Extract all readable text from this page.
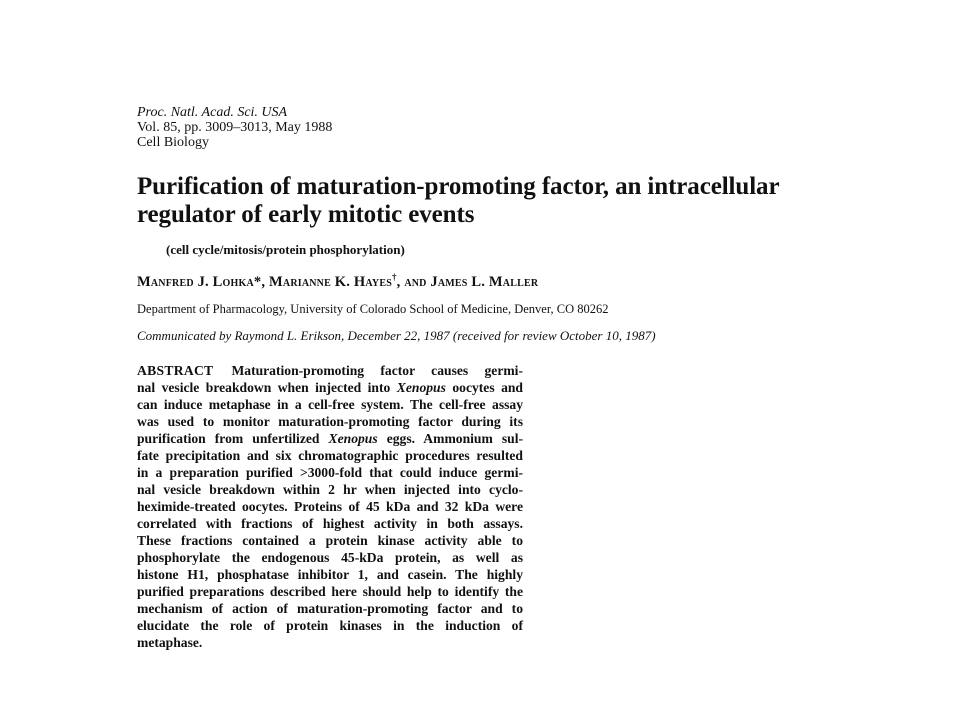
Proc. Natl. Acad. Sci. USA
Vol. 85, pp. 3009–3013, May 1988
Cell Biology
Purification of maturation-promoting factor, an intracellular
regulator of early mitotic events
(cell cycle/mitosis/protein phosphorylation)
Manfred J. Lohka*, Marianne K. Hayes†, and James L. Maller
Department of Pharmacology, University of Colorado School of Medicine, Denver, CO 80262
Communicated by Raymond L. Erikson, December 22, 1987 (received for review October 10, 1987)
ABSTRACT Maturation-promoting factor causes germi-
nal vesicle breakdown when injected into Xenopus oocytes and
can induce metaphase in a cell-free system. The cell-free assay
was used to monitor maturation-promoting factor during its
purification from unfertilized Xenopus eggs. Ammonium sul-
fate precipitation and six chromatographic procedures resulted
in a preparation purified >3000-fold that could induce germi-
nal vesicle breakdown within 2 hr when injected into cyclo-
heximide-treated oocytes. Proteins of 45 kDa and 32 kDa were
correlated with fractions of highest activity in both assays.
These fractions contained a protein kinase activity able to
phosphorylate the endogenous 45-kDa protein, as well as
histone H1, phosphatase inhibitor 1, and casein. The highly
purified preparations described here should help to identify the
mechanism of action of maturation-promoting factor and to
elucidate the role of protein kinases in the induction of
metaphase.
